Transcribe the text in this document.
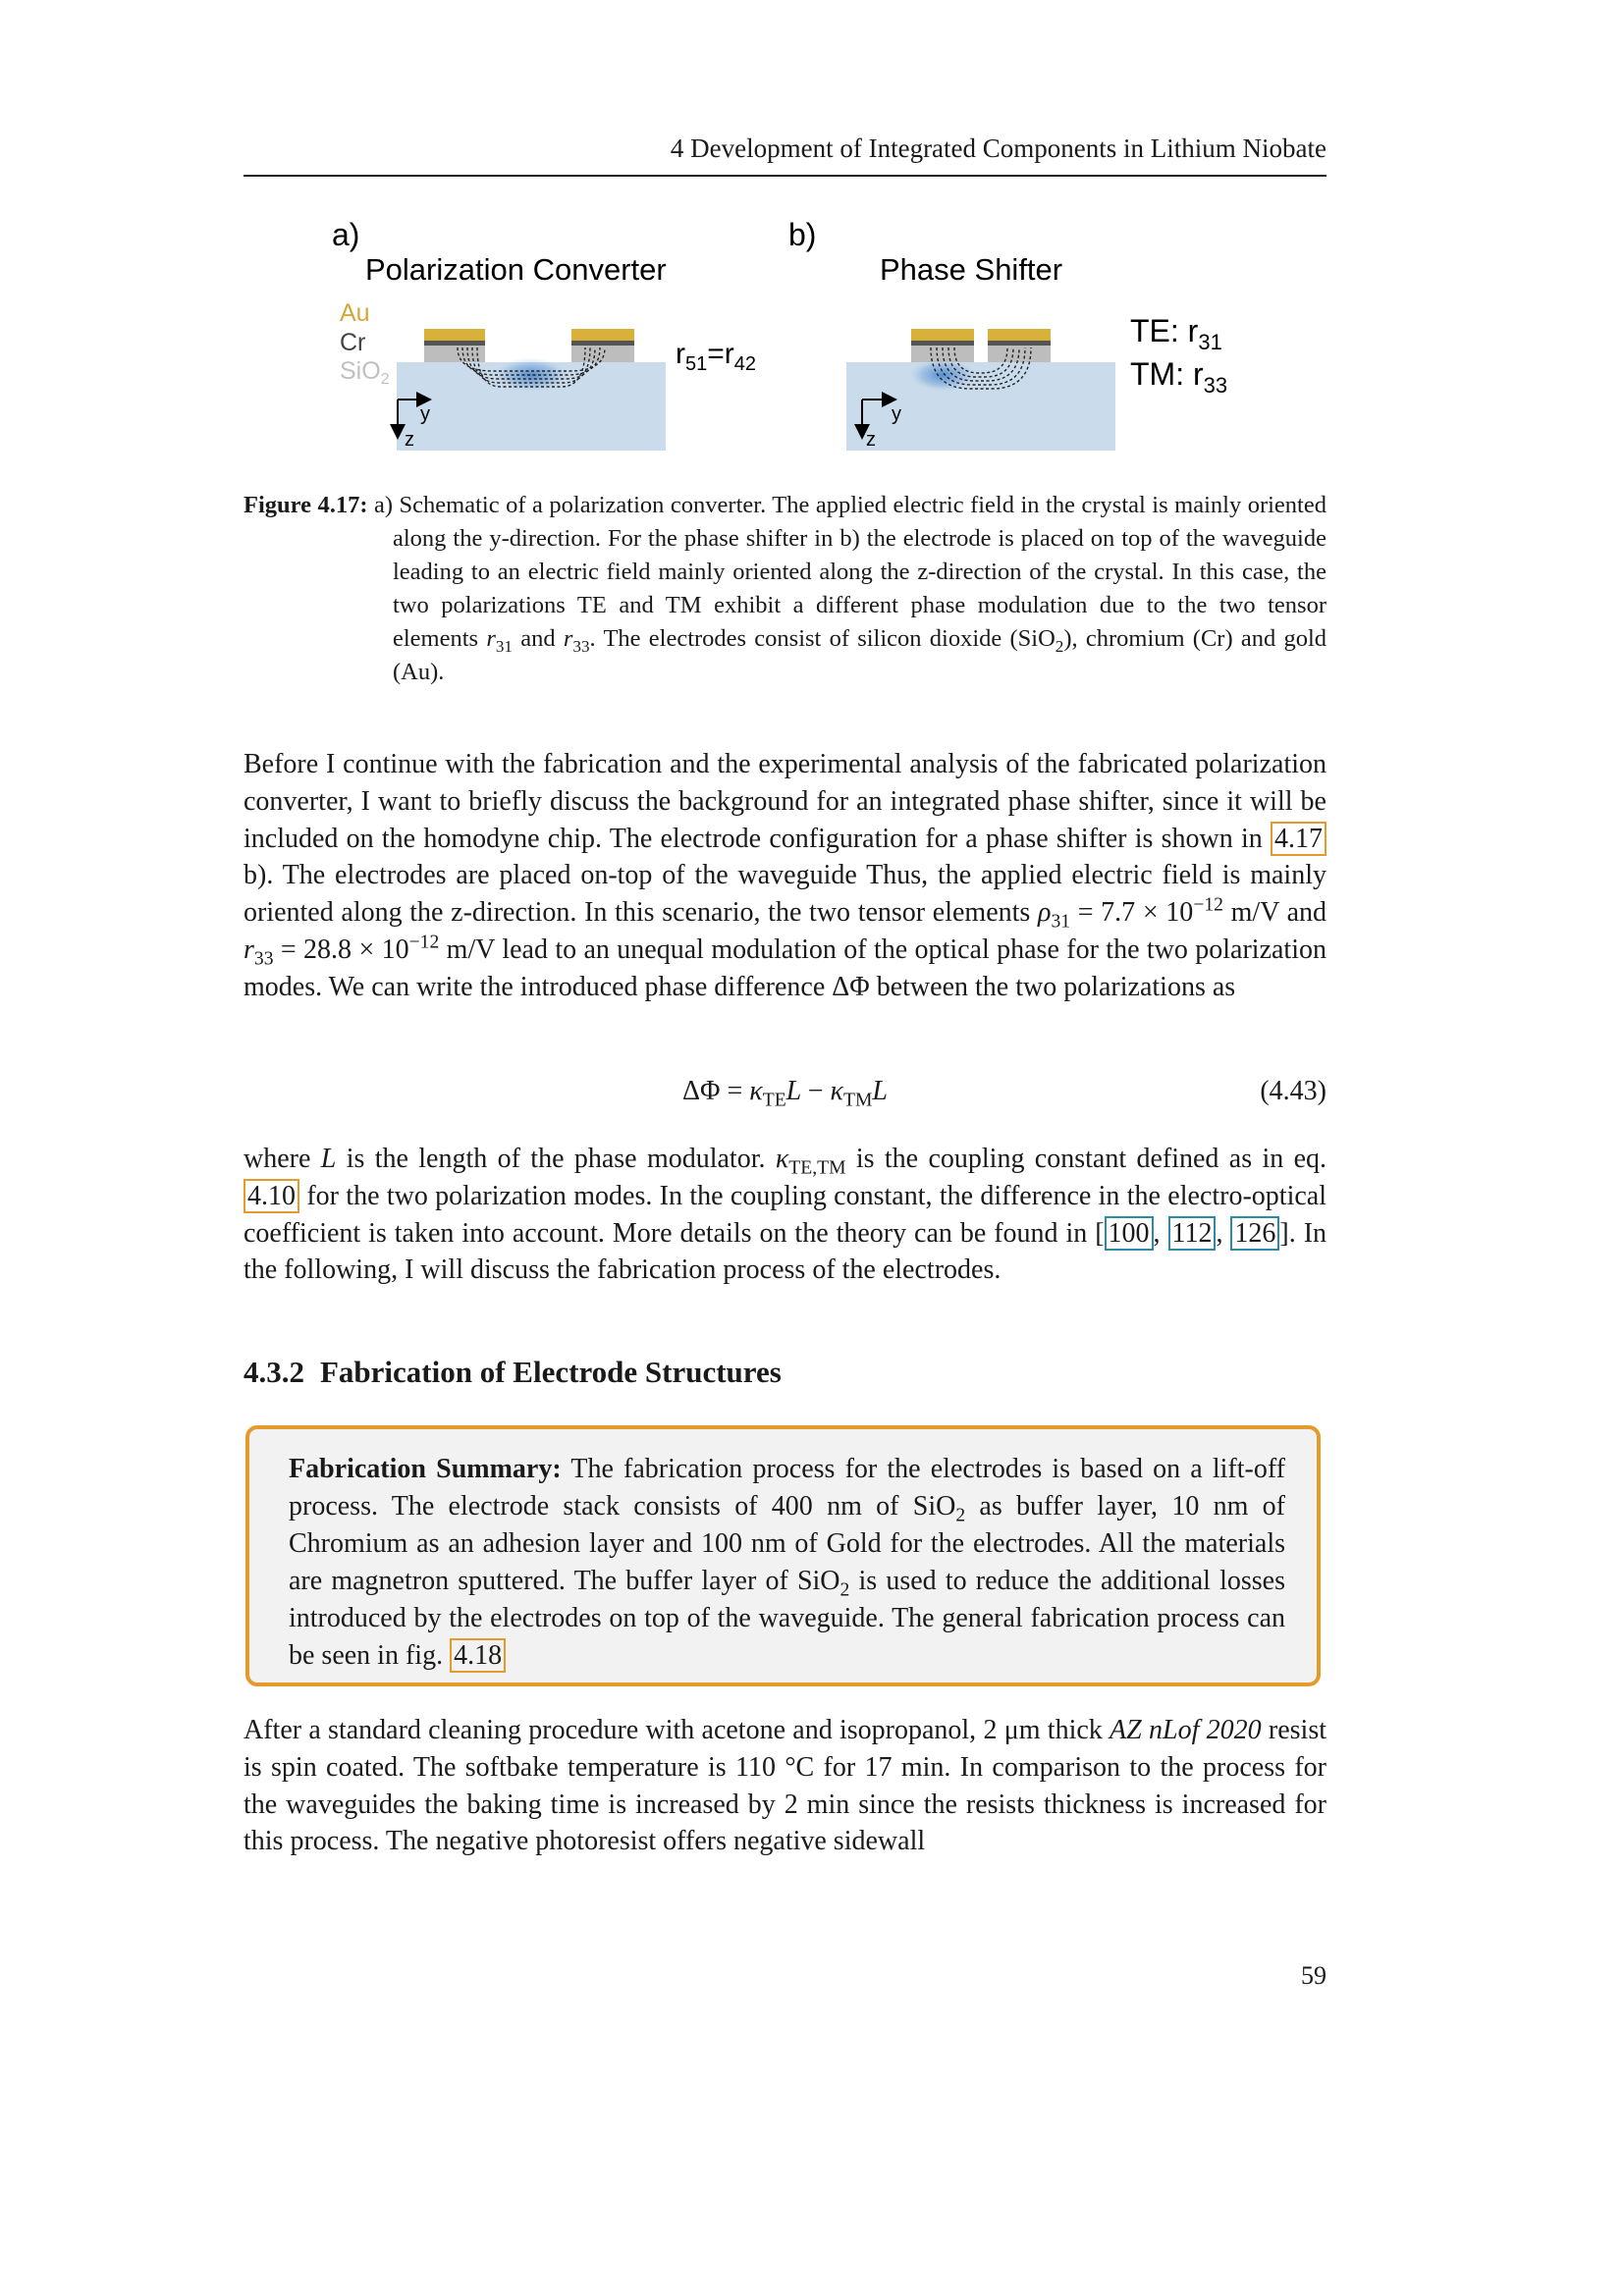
4 Development of Integrated Components in Lithium Niobate
a)
Polarization Converter
Au
Cr
SiO$_2$
y
z
$r_{51}=r_{42}$
b)
Phase Shifter
y
z
TE: $r_{31}$
TM: $r_{33}$
Figure 4.17: a) Schematic of a polarization converter. The applied electric field in the crystal is mainly oriented along the y-direction. For the phase shifter in b) the electrode is placed on top of the waveguide leading to an electric field mainly oriented along the z-direction of the crystal. In this case, the two polarizations TE and TM exhibit a different phase modulation due to the two tensor elements $r_{31}$ and $r_{33}$. The electrodes consist of silicon dioxide (SiO$_2$), chromium (Cr) and gold (Au).
Before I continue with the fabrication and the experimental analysis of the fabricated polarization converter, I want to briefly discuss the background for an integrated phase shifter, since it will be included on the homodyne chip. The electrode configuration for a phase shifter is shown in 4.17 b). The electrodes are placed on-top of the waveguide Thus, the applied electric field is mainly oriented along the z-direction. In this scenario, the two tensor elements $\rho_{31} = 7.7 \times 10^{-12}$ m/V and $r_{33} = 28.8 \times 10^{-12}$ m/V lead to an unequal modulation of the optical phase for the two polarization modes. We can write the introduced phase difference ΔΦ between the two polarizations as
$\Delta\Phi = \kappa_{TE}L - \kappa_{TM}L$	(4.43)
where L is the length of the phase modulator. $\kappa_{TE,TM}$ is the coupling constant defined as in eq. 4.10 for the two polarization modes. In the coupling constant, the difference in the electro-optical coefficient is taken into account. More details on the theory can be found in [ 100 , 112 , 126 ]. In the following, I will discuss the fabrication process of the electrodes.
4.3.2 Fabrication of Electrode Structures
Fabrication Summary: The fabrication process for the electrodes is based on a lift-off process. The electrode stack consists of 400 nm of SiO$_2$ as buffer layer, 10 nm of Chromium as an adhesion layer and 100 nm of Gold for the electrodes. All the materials are magnetron sputtered. The buffer layer of SiO$_2$ is used to reduce the additional losses introduced by the electrodes on top of the waveguide. The general fabrication process can be seen in fig. 4.18
After a standard cleaning procedure with acetone and isopropanol, 2 μm thick AZ nLof 2020 resist is spin coated. The softbake temperature is 110 °C for 17 min. In comparison to the process for the waveguides the baking time is increased by 2 min since the resists thickness is increased for this process. The negative photoresist offers negative sidewall
59
